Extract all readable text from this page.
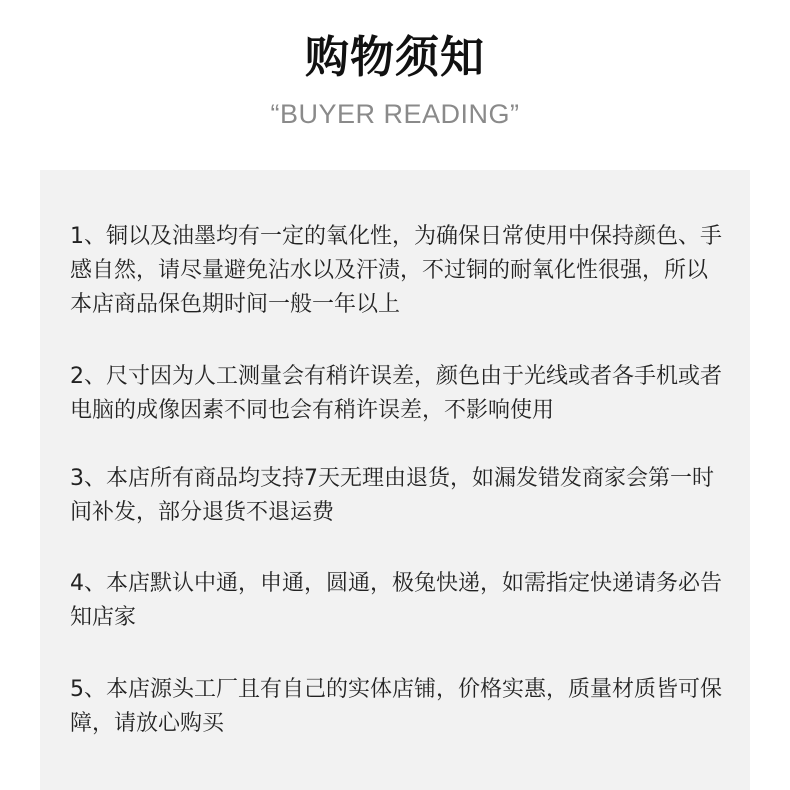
购物须知
“BUYER READING”

1、铜以及油墨均有一定的氧化性，为确保日常使用中保持颜色、手感自然，请尽量避免沾水以及汗渍，不过铜的耐氧化性很强，所以本店商品保色期时间一般一年以上

2、尺寸因为人工测量会有稍许误差，颜色由于光线或者各手机或者电脑的成像因素不同也会有稍许误差，不影响使用

3、本店所有商品均支持7天无理由退货，如漏发错发商家会第一时间补发，部分退货不退运费

4、本店默认中通，申通，圆通，极兔快递，如需指定快递请务必告知店家

5、本店源头工厂且有自己的实体店铺，价格实惠，质量材质皆可保障，请放心购买
